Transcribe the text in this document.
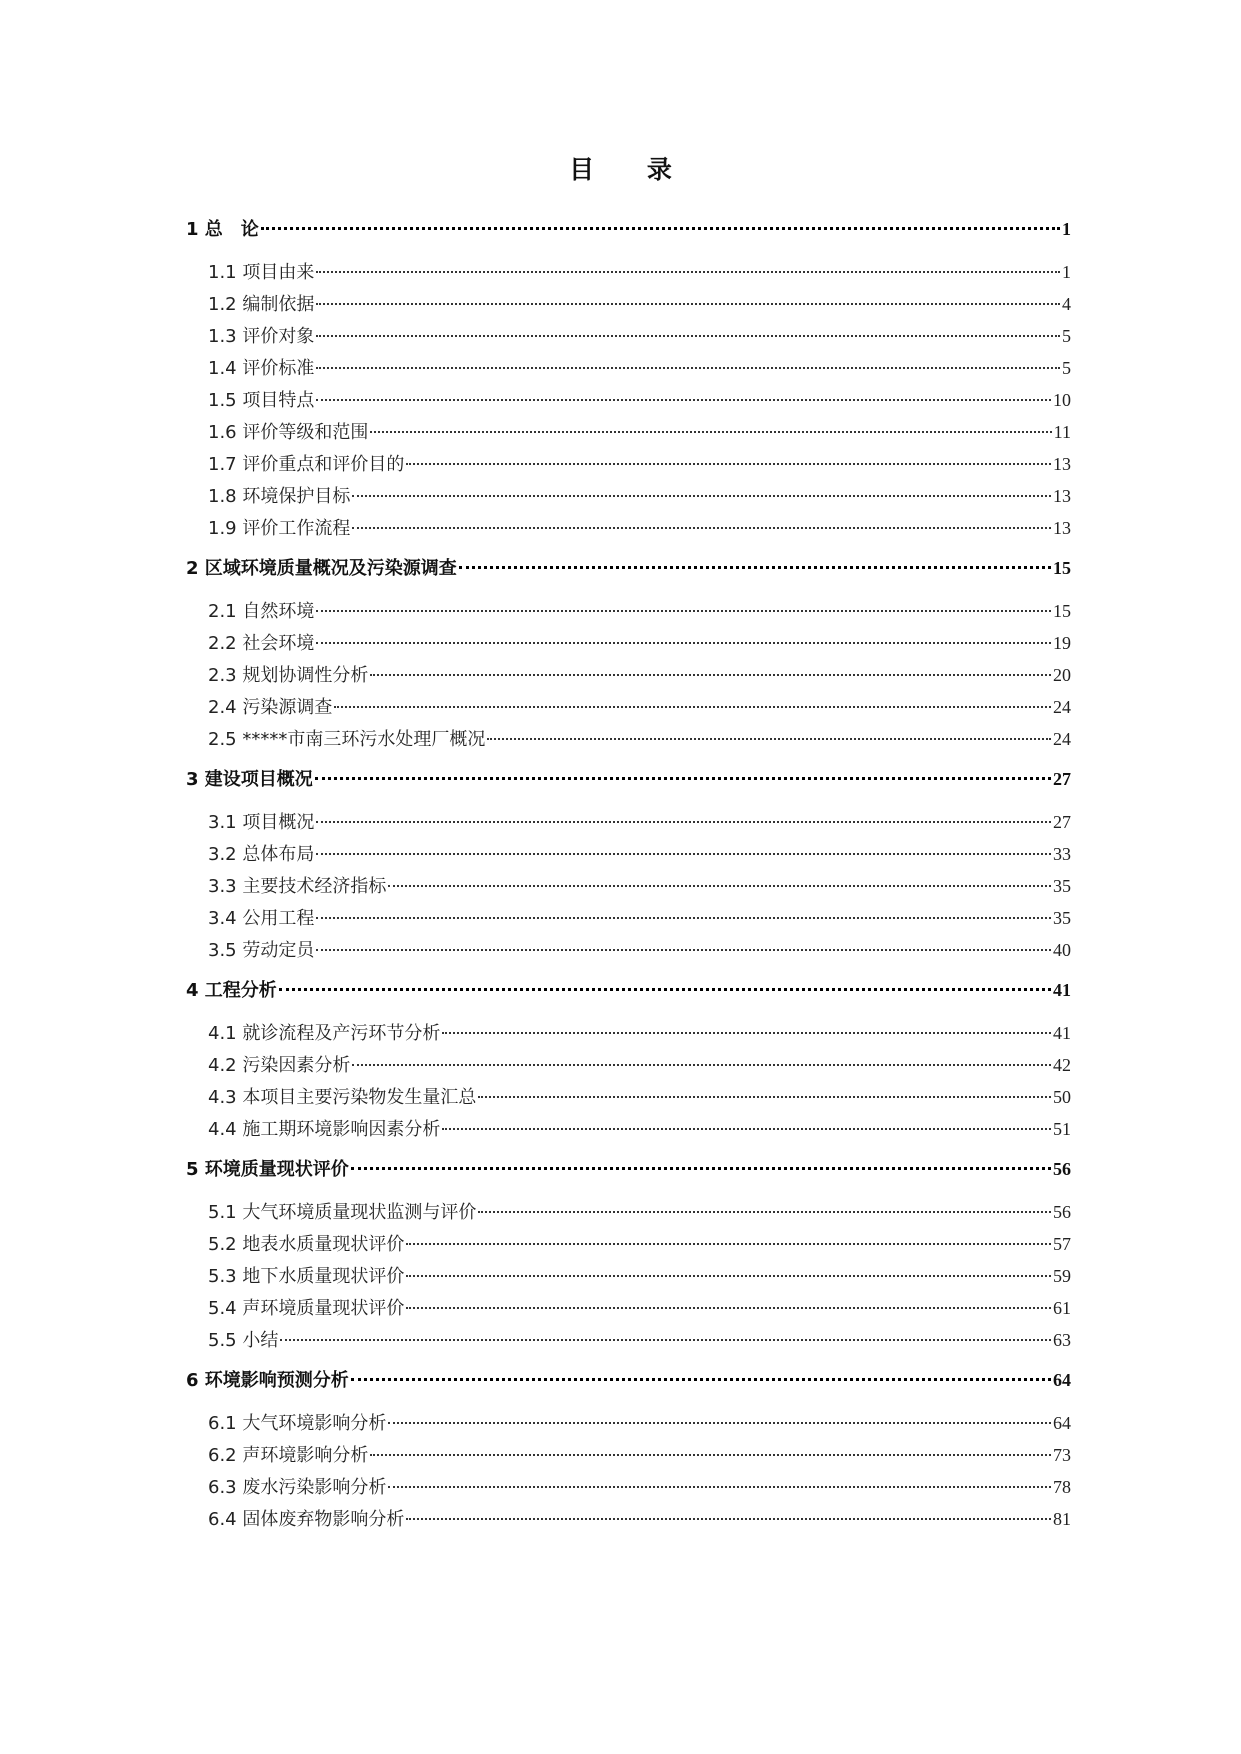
目 录
1 总　论	1
1.1 项目由来	1
1.2 编制依据	4
1.3 评价对象	5
1.4 评价标准	5
1.5 项目特点	10
1.6 评价等级和范围	11
1.7 评价重点和评价目的	13
1.8 环境保护目标	13
1.9 评价工作流程	13
2 区域环境质量概况及污染源调查	15
2.1 自然环境	15
2.2 社会环境	19
2.3 规划协调性分析	20
2.4 污染源调查	24
2.5 *****市南三环污水处理厂概况	24
3 建设项目概况	27
3.1 项目概况	27
3.2 总体布局	33
3.3 主要技术经济指标	35
3.4 公用工程	35
3.5 劳动定员	40
4 工程分析	41
4.1 就诊流程及产污环节分析	41
4.2 污染因素分析	42
4.3 本项目主要污染物发生量汇总	50
4.4 施工期环境影响因素分析	51
5 环境质量现状评价	56
5.1 大气环境质量现状监测与评价	56
5.2 地表水质量现状评价	57
5.3 地下水质量现状评价	59
5.4 声环境质量现状评价	61
5.5 小结	63
6 环境影响预测分析	64
6.1 大气环境影响分析	64
6.2 声环境影响分析	73
6.3 废水污染影响分析	78
6.4 固体废弃物影响分析	81
